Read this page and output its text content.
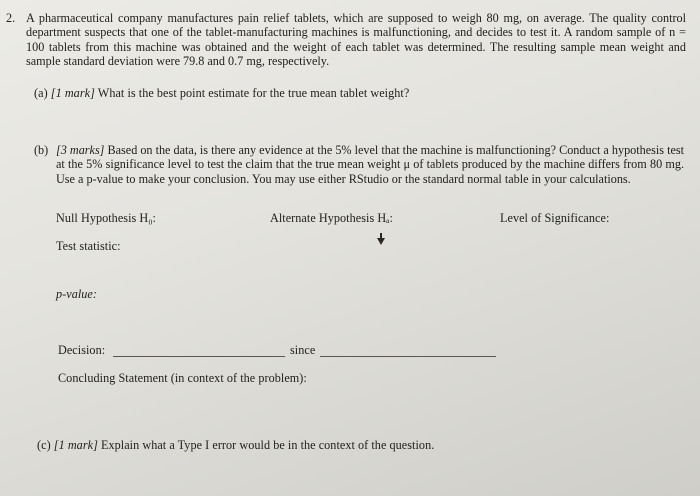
2. A pharmaceutical company manufactures pain relief tablets, which are supposed to weigh 80 mg, on average. The quality control department suspects that one of the tablet-manufacturing machines is malfunctioning, and decides to test it. A random sample of n = 100 tablets from this machine was obtained and the weight of each tablet was determined. The resulting sample mean weight and sample standard deviation were 79.8 and 0.7 mg, respectively.
(a) [1 mark] What is the best point estimate for the true mean tablet weight?
(b) [3 marks] Based on the data, is there any evidence at the 5% level that the machine is malfunctioning? Conduct a hypothesis test at the 5% significance level to test the claim that the true mean weight μ of tablets produced by the machine differs from 80 mg. Use a p-value to make your conclusion. You may use either RStudio or the standard normal table in your calculations.
Null Hypothesis H₀:	Alternate Hypothesis Hₐ:	Level of Significance:
Test statistic:
p-value:
Decision:	since
Concluding Statement (in context of the problem):
(c) [1 mark] Explain what a Type I error would be in the context of the question.
